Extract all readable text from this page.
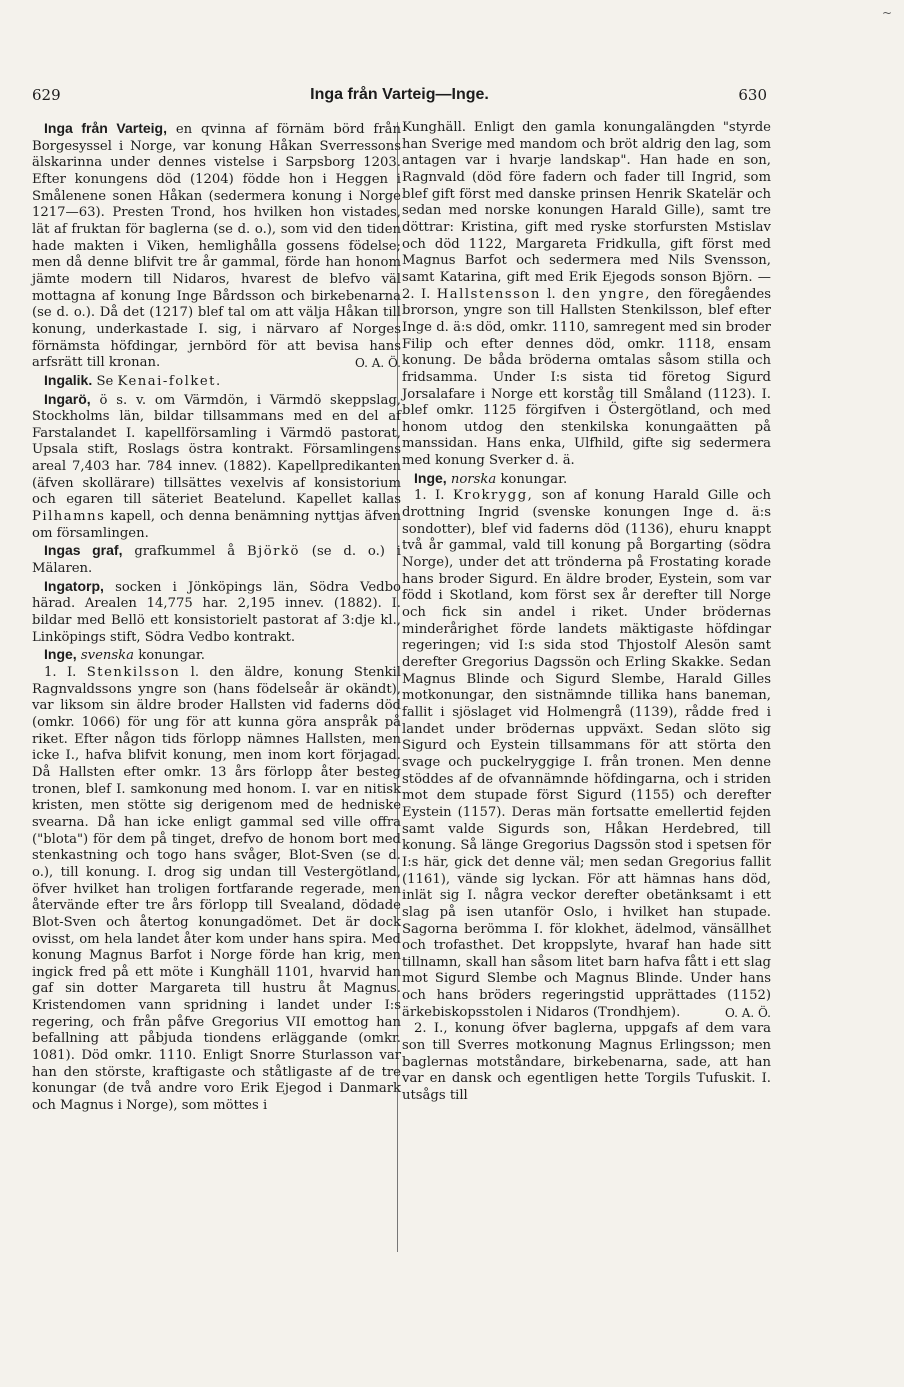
~
629	Inga från Varteig—Inge.	630

Inga från Varteig, en qvinna af förnäm börd från Borgesyssel i Norge, var konung Håkan Sverressons älskarinna under dennes vistelse i Sarpsborg 1203. Efter konungens död (1204) födde hon i Heggen i Smålenene sonen Håkan (sedermera konung i Norge 1217—63). Presten Trond, hos hvilken hon vistades, lät af fruktan för baglerna (se d. o.), som vid den tiden hade makten i Viken, hemlighålla gossens födelse; men då denne blifvit tre år gammal, förde han honom jämte modern till Nidaros, hvarest de blefvo väl mottagna af konung Inge Bårdsson och birkebenarna (se d. o.). Då det (1217) blef tal om att välja Håkan till konung, underkastade I. sig, i närvaro af Norges förnämsta höfdingar, jernbörd för att bevisa hans arfsrätt till kronan.	O. A. Ö.

Ingalik. Se Kenai-folket.

Ingarö, ö s. v. om Värmdön, i Värmdö skeppslag, Stockholms län, bildar tillsammans med en del af Farstalandet I. kapellförsamling i Värmdö pastorat, Upsala stift, Roslags östra kontrakt. Församlingens areal 7,403 har. 784 innev. (1882). Kapellpredikanten (äfven skollärare) tillsättes vexelvis af konsistorium och egaren till säteriet Beatelund. Kapellet kallas Pilhamns kapell, och denna benämning nyttjas äfven om församlingen.

Ingas graf, grafkummel å Björkö (se d. o.) i Mälaren.

Ingatorp, socken i Jönköpings län, Södra Vedbo härad. Arealen 14,775 har. 2,195 innev. (1882). I. bildar med Bellö ett konsistorielt pastorat af 3:dje kl., Linköpings stift, Södra Vedbo kontrakt.

Inge, svenska konungar.

1. I. Stenkilsson l. den äldre, konung Stenkil Ragnvaldssons yngre son (hans födelseår är okändt), var liksom sin äldre broder Hallsten vid faderns död (omkr. 1066) för ung för att kunna göra anspråk på riket. Efter någon tids förlopp nämnes Hallsten, men icke I., hafva blifvit konung, men inom kort förjagad. Då Hallsten efter omkr. 13 års förlopp åter besteg tronen, blef I. samkonung med honom. I. var en nitisk kristen, men stötte sig derigenom med de hedniske svearna. Då han icke enligt gammal sed ville offra ("blota") för dem på tinget, drefvo de honom bort med stenkastning och togo hans svåger, Blot-Sven (se d. o.), till konung. I. drog sig undan till Vestergötland, öfver hvilket han troligen fortfarande regerade, men återvände efter tre års förlopp till Svealand, dödade Blot-Sven och återtog konungadömet. Det är dock ovisst, om hela landet åter kom under hans spira. Med konung Magnus Barfot i Norge förde han krig, men ingick fred på ett möte i Kunghäll 1101, hvarvid han gaf sin dotter Margareta till hustru åt Magnus. Kristendomen vann spridning i landet under I:s regering, och från påfve Gregorius VII emottog han befallning att påbjuda tiondens erläggande (omkr. 1081). Död omkr. 1110. Enligt Snorre Sturlasson var han den störste, kraftigaste och ståtligaste af de tre konungar (de två andre voro Erik Ejegod i Danmark och Magnus i Norge), som möttes i

Kunghäll. Enligt den gamla konungalängden "styrde han Sverige med mandom och bröt aldrig den lag, som antagen var i hvarje landskap". Han hade en son, Ragnvald (död före fadern och fader till Ingrid, som blef gift först med danske prinsen Henrik Skatelär och sedan med norske konungen Harald Gille), samt tre döttrar: Kristina, gift med ryske storfursten Mstislav och död 1122, Margareta Fridkulla, gift först med Magnus Barfot och sedermera med Nils Svensson, samt Katarina, gift med Erik Ejegods sonson Björn. — 2. I. Hallstensson l. den yngre, den föregåendes brorson, yngre son till Hallsten Stenkilsson, blef efter Inge d. ä:s död, omkr. 1110, samregent med sin broder Filip och efter dennes död, omkr. 1118, ensam konung. De båda bröderna omtalas såsom stilla och fridsamma. Under I:s sista tid företog Sigurd Jorsalafare i Norge ett korståg till Småland (1123). I. blef omkr. 1125 förgifven i Östergötland, och med honom utdog den stenkilska konungaätten på manssidan. Hans enka, Ulfhild, gifte sig sedermera med konung Sverker d. ä.

Inge, norska konungar.

1. I. Krokrygg, son af konung Harald Gille och drottning Ingrid (svenske konungen Inge d. ä:s sondotter), blef vid faderns död (1136), ehuru knappt två år gammal, vald till konung på Borgarting (södra Norge), under det att trönderna på Frostating korade hans broder Sigurd. En äldre broder, Eystein, som var född i Skotland, kom först sex år derefter till Norge och fick sin andel i riket. Under brödernas minderårighet förde landets mäktigaste höfdingar regeringen; vid I:s sida stod Thjostolf Alesön samt derefter Gregorius Dagssön och Erling Skakke. Sedan Magnus Blinde och Sigurd Slembe, Harald Gilles motkonungar, den sistnämnde tillika hans baneman, fallit i sjöslaget vid Holmengrå (1139), rådde fred i landet under brödernas uppväxt. Sedan slöto sig Sigurd och Eystein tillsammans för att störta den svage och puckelryggige I. från tronen. Men denne stöddes af de ofvannämnde höfdingarna, och i striden mot dem stupade först Sigurd (1155) och derefter Eystein (1157). Deras män fortsatte emellertid fejden samt valde Sigurds son, Håkan Herdebred, till konung. Så länge Gregorius Dagssön stod i spetsen för I:s här, gick det denne väl; men sedan Gregorius fallit (1161), vände sig lyckan. För att hämnas hans död, inlät sig I. några veckor derefter obetänksamt i ett slag på isen utanför Oslo, i hvilket han stupade. Sagorna berömma I. för klokhet, ädelmod, vänsällhet och trofasthet. Det kroppslyte, hvaraf han hade sitt tillnamn, skall han såsom litet barn hafva fått i ett slag mot Sigurd Slembe och Magnus Blinde. Under hans och hans bröders regeringstid upprättades (1152) ärkebiskopsstolen i Nidaros (Trondhjem).	O. A. Ö.

2. I., konung öfver baglerna, uppgafs af dem vara son till Sverres motkonung Magnus Erlingsson; men baglernas motståndare, birkebenarna, sade, att han var en dansk och egentligen hette Torgils Tufuskit. I. utsågs till
